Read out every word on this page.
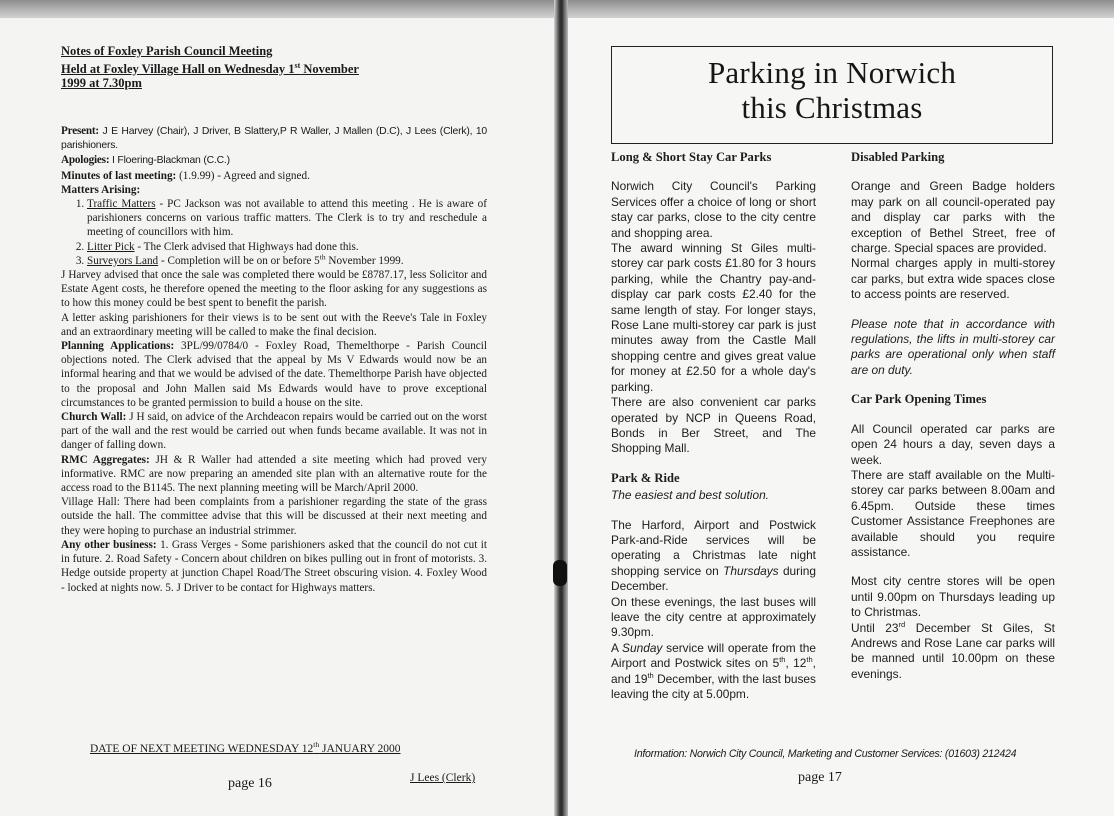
Notes of Foxley Parish Council Meeting
Held at Foxley Village Hall on Wednesday 1st November
1999 at 7.30pm

Present: J E Harvey (Chair), J Driver, B Slattery,P R Waller, J Mallen (D.C), J Lees (Clerk), 10 parishioners.

Apologies: I Floering-Blackman (C.C.)

Minutes of last meeting: (1.9.99) - Agreed and signed.

Matters Arising:

1. Traffic Matters - PC Jackson was not available to attend this meeting . He is aware of parishioners concerns on various traffic matters. The Clerk is to try and reschedule a meeting of councillors with him.
2. Litter Pick - The Clerk advised that Highways had done this.
3. Surveyors Land - Completion will be on or before 5th November 1999.

J Harvey advised that once the sale was completed there would be £8787.17, less Solicitor and Estate Agent costs, he therefore opened the meeting to the floor asking for any suggestions as to how this money could be best spent to benefit the parish.

A letter asking parishioners for their views is to be sent out with the Reeve's Tale in Foxley and an extraordinary meeting will be called to make the final decision.

Planning Applications: 3PL/99/0784/0 - Foxley Road, Themelthorpe - Parish Council objections noted. The Clerk advised that the appeal by Ms V Edwards would now be an informal hearing and that we would be advised of the date. Themelthorpe Parish have objected to the proposal and John Mallen said Ms Edwards would have to prove exceptional circumstances to be granted permission to build a house on the site.

Church Wall: J H said, on advice of the Archdeacon repairs would be carried out on the worst part of the wall and the rest would be carried out when funds became available. It was not in danger of falling down.

RMC Aggregates: JH & R Waller had attended a site meeting which had proved very informative. RMC are now preparing an amended site plan with an alternative route for the access road to the B1145. The next planning meeting will be March/April 2000.

Village Hall: There had been complaints from a parishioner regarding the state of the grass outside the hall. The committee advise that this will be discussed at their next meeting and they were hoping to purchase an industrial strimmer.

Any other business: 1. Grass Verges - Some parishioners asked that the council do not cut it in future. 2. Road Safety - Concern about children on bikes pulling out in front of motorists. 3. Hedge outside property at junction Chapel Road/The Street obscuring vision. 4. Foxley Wood - locked at nights now. 5. J Driver to be contact for Highways matters.

DATE OF NEXT MEETING WEDNESDAY 12th JANUARY 2000
page 16	J Lees (Clerk)
Parking in Norwich
this Christmas
Long & Short Stay Car Parks

Norwich City Council's Parking Services offer a choice of long or short stay car parks, close to the city centre and shopping area.

The award winning St Giles multi-storey car park costs £1.80 for 3 hours parking, while the Chantry pay-and-display car park costs £2.40 for the same length of stay. For longer stays, Rose Lane multi-storey car park is just minutes away from the Castle Mall shopping centre and gives great value for money at £2.50 for a whole day's parking.

There are also convenient car parks operated by NCP in Queens Road, Bonds in Ber Street, and The Shopping Mall.

Park & Ride

The easiest and best solution.

The Harford, Airport and Postwick Park-and-Ride services will be operating a Christmas late night shopping service on Thursdays during December.

On these evenings, the last buses will leave the city centre at approximately 9.30pm.

A Sunday service will operate from the Airport and Postwick sites on 5th, 12th, and 19th December, with the last buses leaving the city at 5.00pm.

Disabled Parking

Orange and Green Badge holders may park on all council-operated pay and display car parks with the exception of Bethel Street, free of charge. Special spaces are provided.

Normal charges apply in multi-storey car parks, but extra wide spaces close to access points are reserved.

Please note that in accordance with regulations, the lifts in multi-storey car parks are operational only when staff are on duty.

Car Park Opening Times

All Council operated car parks are open 24 hours a day, seven days a week.

There are staff available on the Multi-storey car parks between 8.00am and 6.45pm. Outside these times Customer Assistance Freephones are available should you require assistance.

Most city centre stores will be open until 9.00pm on Thursdays leading up to Christmas.

Until 23rd December St Giles, St Andrews and Rose Lane car parks will be manned until 10.00pm on these evenings.

Information: Norwich City Council, Marketing and Customer Services: (01603) 212424
page 17
